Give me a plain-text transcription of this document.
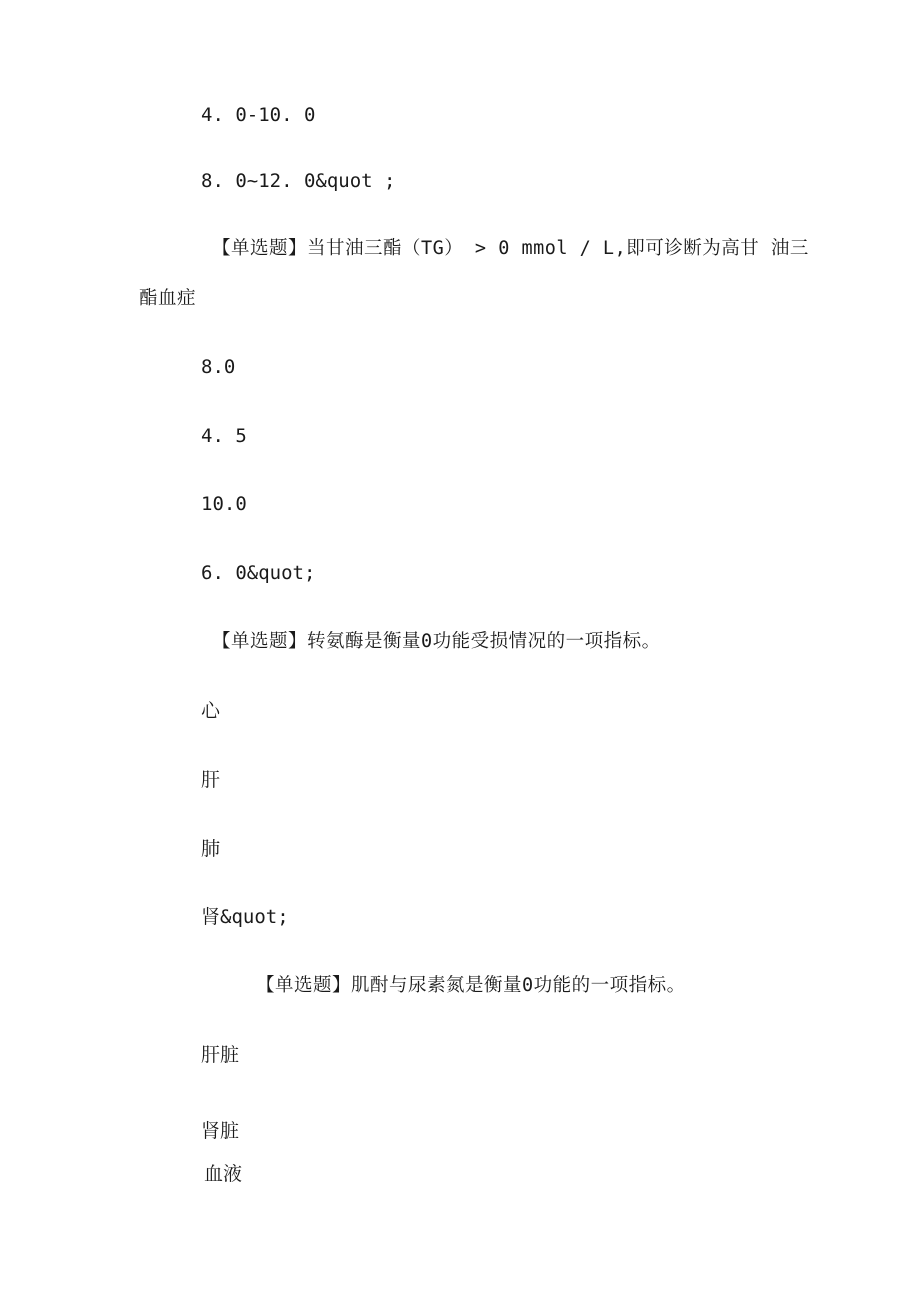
4. 0-10. 0
8. 0~12. 0&quot ;
【单选题】当甘油三酯（TG） > 0 mmol / L,即可诊断为高甘 油三
酯血症
8.0
4. 5
10.0
6. 0&quot;
【单选题】转氨酶是衡量0功能受损情况的一项指标。
心
肝
肺
肾&quot;
【单选题】肌酎与尿素氮是衡量0功能的一项指标。
肝脏
肾脏
血液
